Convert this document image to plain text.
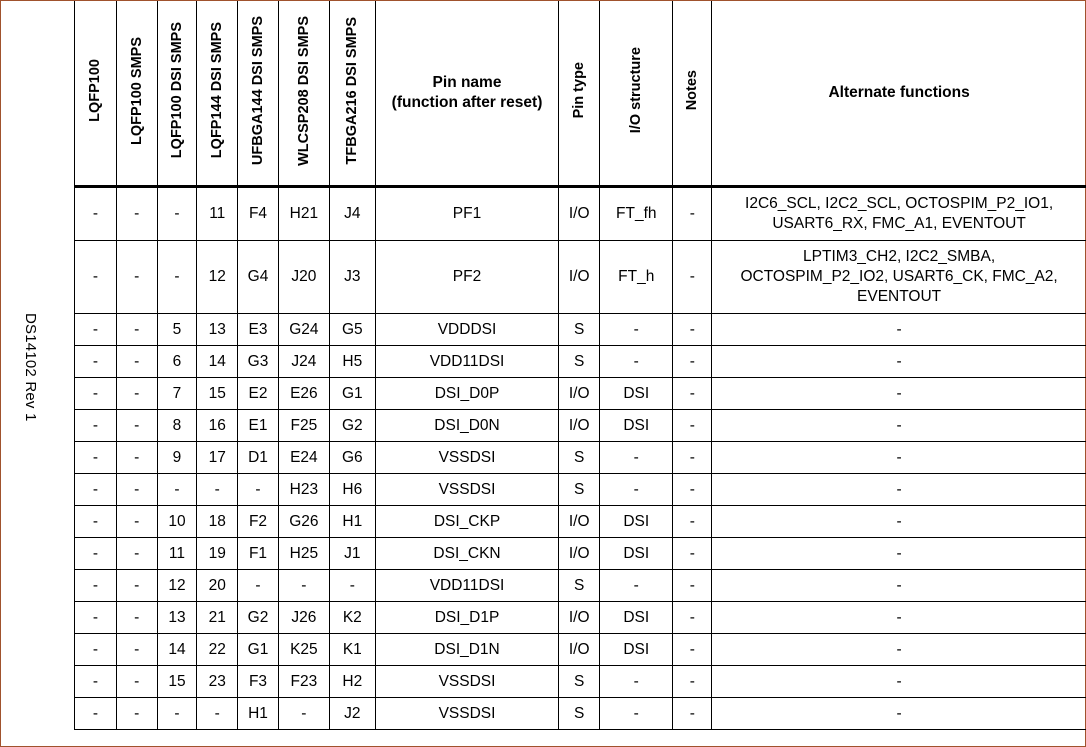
DS14102 Rev 1
LQFP100	LQFP100 SMPS	LQFP100 DSI SMPS	LQFP144 DSI SMPS	UFBGA144 DSI SMPS	WLCSP208 DSI SMPS	TFBGA216 DSI SMPS	Pin name
(function after reset)	Pin type	I/O structure	Notes	Alternate functions
-	-	-	11	F4	H21	J4	PF1	I/O	FT_fh	-	I2C6_SCL, I2C2_SCL, OCTOSPIM_P2_IO1,
USART6_RX, FMC_A1, EVENTOUT

-	-	-	12	G4	J20	J3	PF2	I/O	FT_h	-	LPTIM3_CH2, I2C2_SMBA,
OCTOSPIM_P2_IO2, USART6_CK, FMC_A2,
EVENTOUT

-	-	5	13	E3	G24	G5	VDDDSI	S	-	-	-

-	-	6	14	G3	J24	H5	VDD11DSI	S	-	-	-

-	-	7	15	E2	E26	G1	DSI_D0P	I/O	DSI	-	-

-	-	8	16	E1	F25	G2	DSI_D0N	I/O	DSI	-	-

-	-	9	17	D1	E24	G6	VSSDSI	S	-	-	-

-	-	-	-	-	H23	H6	VSSDSI	S	-	-	-

-	-	10	18	F2	G26	H1	DSI_CKP	I/O	DSI	-	-

-	-	11	19	F1	H25	J1	DSI_CKN	I/O	DSI	-	-

-	-	12	20	-	-	-	VDD11DSI	S	-	-	-

-	-	13	21	G2	J26	K2	DSI_D1P	I/O	DSI	-	-

-	-	14	22	G1	K25	K1	DSI_D1N	I/O	DSI	-	-

-	-	15	23	F3	F23	H2	VSSDSI	S	-	-	-

-	-	-	-	H1	-	J2	VSSDSI	S	-	-	-
